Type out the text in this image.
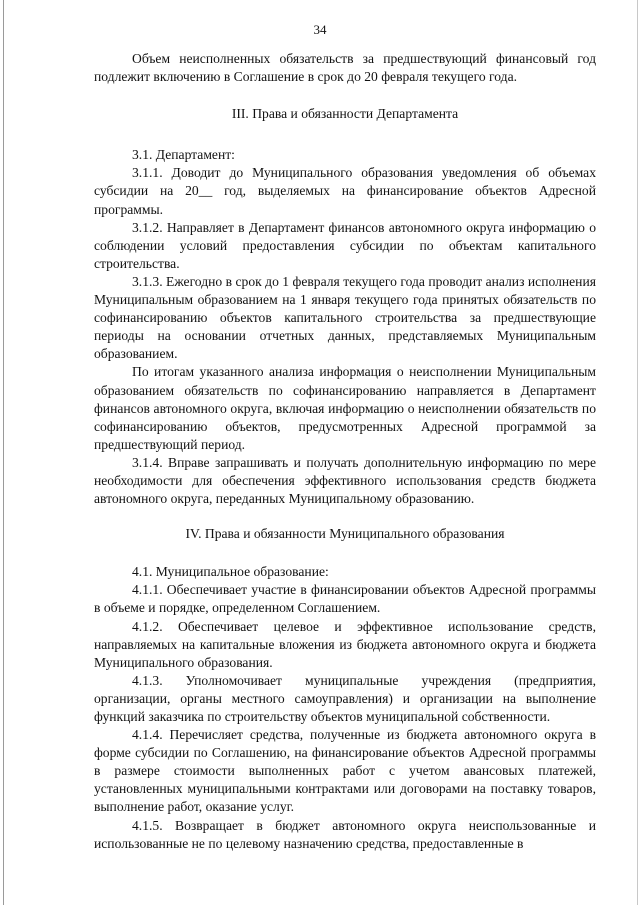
34

Объем неисполненных обязательств за предшествующий финансовый год подлежит включению в Соглашение в срок до 20 февраля текущего года.

III. Права и обязанности Департамента

3.1. Департамент:

3.1.1. Доводит до Муниципального образования уведомления об объемах субсидии на 20__ год, выделяемых на финансирование объектов Адресной программы.

3.1.2. Направляет в Департамент финансов автономного округа информацию о соблюдении условий предоставления субсидии по объектам капитального строительства.

3.1.3. Ежегодно в срок до 1 февраля текущего года проводит анализ исполнения Муниципальным образованием на 1 января текущего года принятых обязательств по софинансированию объектов капитального строительства за предшествующие периоды на основании отчетных данных, представляемых Муниципальным образованием.

По итогам указанного анализа информация о неисполнении Муниципальным образованием обязательств по софинансированию направляется в Департамент финансов автономного округа, включая информацию о неисполнении обязательств по софинансированию объектов, предусмотренных Адресной программой за предшествующий период.

3.1.4. Вправе запрашивать и получать дополнительную информацию по мере необходимости для обеспечения эффективного использования средств бюджета автономного округа, переданных Муниципальному образованию.

IV. Права и обязанности Муниципального образования

4.1. Муниципальное образование:

4.1.1. Обеспечивает участие в финансировании объектов Адресной программы в объеме и порядке, определенном Соглашением.

4.1.2. Обеспечивает целевое и эффективное использование средств, направляемых на капитальные вложения из бюджета автономного округа и бюджета Муниципального образования.

4.1.3. Уполномочивает муниципальные учреждения (предприятия, организации, органы местного самоуправления) и организации на выполнение функций заказчика по строительству объектов муниципальной собственности.

4.1.4. Перечисляет средства, полученные из бюджета автономного округа в форме субсидии по Соглашению, на финансирование объектов Адресной программы в размере стоимости выполненных работ с учетом авансовых платежей, установленных муниципальными контрактами или договорами на поставку товаров, выполнение работ, оказание услуг.

4.1.5. Возвращает в бюджет автономного округа неиспользованные и использованные не по целевому назначению средства, предоставленные в
